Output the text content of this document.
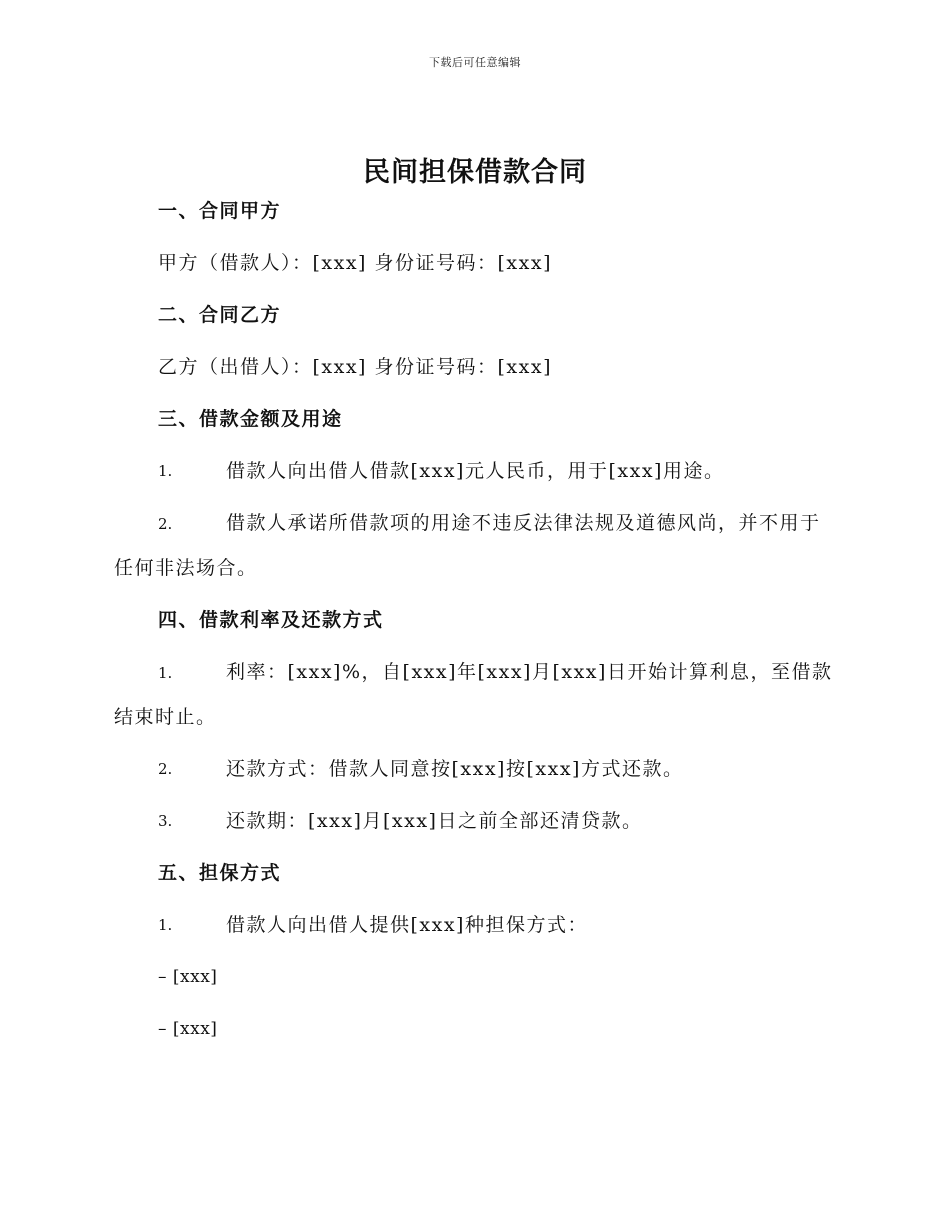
下载后可任意编辑
民间担保借款合同
一、合同甲方

甲方（借款人）：[xxx] 身份证号码：[xxx]

二、合同乙方

乙方（出借人）：[xxx] 身份证号码：[xxx]

三、借款金额及用途
1.	借款人向出借人借款[xxx]元人民币，用于[xxx]用途。

2.	借款人承诺所借款项的用途不违反法律法规及道德风尚，并不用于任何非法场合。

四、借款利率及还款方式

1.	利率：[xxx]%，自[xxx]年[xxx]月[xxx]日开始计算利息，至借款结束时止。

2.	还款方式：借款人同意按[xxx]按[xxx]方式还款。
3.	还款期：[xxx]月[xxx]日之前全部还清贷款。
五、担保方式
1.	借款人向出借人提供[xxx]种担保方式：

– [xxx]

– [xxx]
